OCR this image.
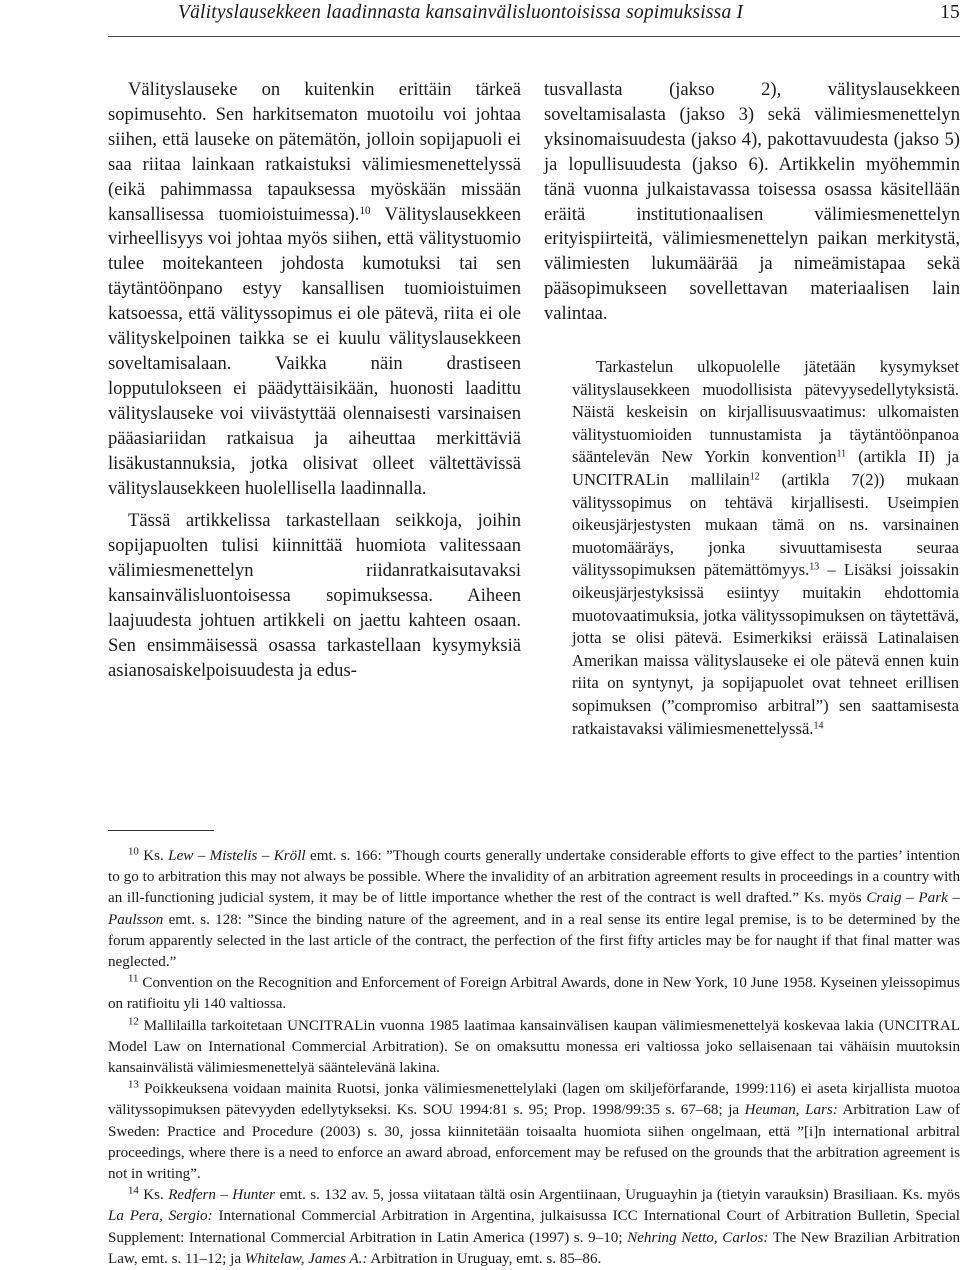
Välityslausekkeen laadinnasta kansainvälisluontoisissa sopimuksissa I	15

Välityslauseke on kuitenkin erittäin tärkeä sopimusehto. Sen harkitsematon muotoilu voi johtaa siihen, että lauseke on pätemätön, jolloin sopijapuoli ei saa riitaa lainkaan ratkaistuksi välimiesmenettelyssä (eikä pahimmassa tapauksessa myöskään missään kansallisessa tuomioistuimessa).$^{10}$ Välityslausekkeen virheellisyys voi johtaa myös siihen, että välitystuomio tulee moitekanteen johdosta kumotuksi tai sen täytäntöönpano estyy kansallisen tuomioistuimen katsoessa, että välityssopimus ei ole pätevä, riita ei ole välityskelpoinen taikka se ei kuulu välityslausekkeen soveltamisalaan. Vaikka näin drastiseen lopputulokseen ei päädyttäisikään, huonosti laadittu välityslauseke voi viivästyttää olennaisesti varsinaisen pääasiariidan ratkaisua ja aiheuttaa merkittäviä lisäkustannuksia, jotka olisivat olleet vältettävissä välityslausekkeen huolellisella laadinnalla.

Tässä artikkelissa tarkastellaan seikkoja, joihin sopijapuolten tulisi kiinnittää huomiota valitessaan välimiesmenettelyn riidanratkaisutavaksi kansainvälisluontoisessa sopimuksessa. Aiheen laajuudesta johtuen artikkeli on jaettu kahteen osaan. Sen ensimmäisessä osassa tarkastellaan kysymyksiä asianosaiskelpoisuudesta ja edus-

tusvallasta (jakso 2), välityslausekkeen soveltamisalasta (jakso 3) sekä välimiesmenettelyn yksinomaisuudesta (jakso 4), pakottavuudesta (jakso 5) ja lopullisuudesta (jakso 6). Artikkelin myöhemmin tänä vuonna julkaistavassa toisessa osassa käsitellään eräitä institutionaalisen välimiesmenettelyn erityispiirteitä, välimiesmenettelyn paikan merkitystä, välimiesten lukumäärää ja nimeämistapaa sekä pääsopimukseen sovellettavan materiaalisen lain valintaa.

Tarkastelun ulkopuolelle jätetään kysymykset välityslausekkeen muodollisista pätevyysedellytyksistä. Näistä keskeisin on kirjallisuusvaatimus: ulkomaisten välitystuomioiden tunnustamista ja täytäntöönpanoa sääntelevän New Yorkin konvention$^{11}$ (artikla II) ja UNCITRALin mallilain$^{12}$ (artikla 7(2)) mukaan välityssopimus on tehtävä kirjallisesti. Useimpien oikeusjärjestysten mukaan tämä on ns. varsinainen muotomääräys, jonka sivuuttamisesta seuraa välityssopimuksen pätemättömyys.$^{13}$ – Lisäksi joissakin oikeusjärjestyksissä esiintyy muitakin ehdottomia muotovaatimuksia, jotka välityssopimuksen on täytettävä, jotta se olisi pätevä. Esimerkiksi eräissä Latinalaisen Amerikan maissa välityslauseke ei ole pätevä ennen kuin riita on syntynyt, ja sopijapuolet ovat tehneet erillisen sopimuksen (”compromiso arbitral”) sen saattamisesta ratkaistavaksi välimiesmenettelyssä.$^{14}$

$^{10}$ Ks. Lew – Mistelis – Kröll emt. s. 166: ”Though courts generally undertake considerable efforts to give effect to the parties’ intention to go to arbitration this may not always be possible. Where the invalidity of an arbitration agreement results in proceedings in a country with an ill-functioning judicial system, it may be of little importance whether the rest of the contract is well drafted.” Ks. myös Craig – Park – Paulsson emt. s. 128: ”Since the binding nature of the agreement, and in a real sense its entire legal premise, is to be determined by the forum apparently selected in the last article of the contract, the perfection of the first fifty articles may be for naught if that final matter was neglected.”

$^{11}$ Convention on the Recognition and Enforcement of Foreign Arbitral Awards, done in New York, 10 June 1958. Kyseinen yleissopimus on ratifioitu yli 140 valtiossa.

$^{12}$ Mallilailla tarkoitetaan UNCITRALin vuonna 1985 laatimaa kansainvälisen kaupan välimiesmenettelyä koskevaa lakia (UNCITRAL Model Law on International Commercial Arbitration). Se on omaksuttu monessa eri valtiossa joko sellaisenaan tai vähäisin muutoksin kansainvälistä välimiesmenettelyä sääntelevänä lakina.

$^{13}$ Poikkeuksena voidaan mainita Ruotsi, jonka välimiesmenettelylaki (lagen om skiljeförfarande, 1999:116) ei aseta kirjallista muotoa välityssopimuksen pätevyyden edellytykseksi. Ks. SOU 1994:81 s. 95; Prop. 1998/99:35 s. 67–68; ja Heuman, Lars: Arbitration Law of Sweden: Practice and Procedure (2003) s. 30, jossa kiinnitetään toisaalta huomiota siihen ongelmaan, että ”[i]n international arbitral proceedings, where there is a need to enforce an award abroad, enforcement may be refused on the grounds that the arbitration agreement is not in writing”.

$^{14}$ Ks. Redfern – Hunter emt. s. 132 av. 5, jossa viitataan tältä osin Argentiinaan, Uruguayhin ja (tietyin varauksin) Brasiliaan. Ks. myös La Pera, Sergio: International Commercial Arbitration in Argentina, julkaisussa ICC International Court of Arbitration Bulletin, Special Supplement: International Commercial Arbitration in Latin America (1997) s. 9–10; Nehring Netto, Carlos: The New Brazilian Arbitration Law, emt. s. 11–12; ja Whitelaw, James A.: Arbitration in Uruguay, emt. s. 85–86.
